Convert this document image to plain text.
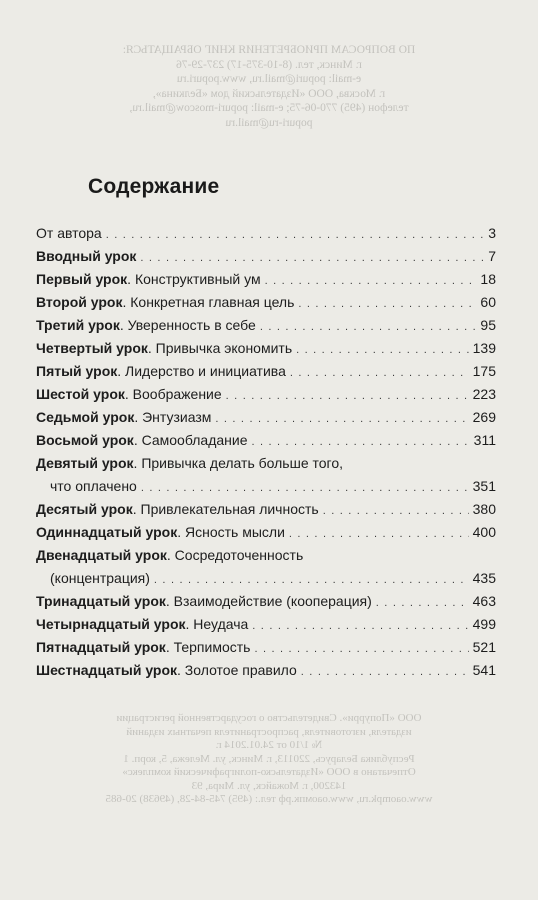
ПО ВОПРОСАМ ПРИОБРЕТЕНИЯ КНИГ ОБРАЩАТЬСЯ:
г. Минск, тел. (8-10-375-17) 237-29-76
e-mail: popuri@mail.ru, www.popuri.ru
г. Москва, ООО «Издательский дом «Белкина»,
телефон (495) 770-06-75; e-mail: popuri-moscow@mail.ru,
popuri-ru@mail.ru
ООО «Попурри». Свидетельство о государственной регистрации
издателя, изготовителя, распространителя печатных изданий
№ 1/10 от 24.01.2014 г.
Республика Беларусь, 220113, г. Минск, ул. Мележа, 5, корп. 1
Отпечатано в ООО «Издательско-полиграфический комплекс»
143200, г. Можайск, ул. Мира, 93
www.oaompk.ru, www.оаомпк.рф тел.: (495) 745-84-28, (49638) 20-685
Содержание
От автора . . .	3
Вводный урок . . .	7
Первый урок . Конструктивный ум . . .	18
Второй урок . Конкретная главная цель . . .	60
Третий урок . Уверенность в себе . . .	95
Четвертый урок . Привычка экономить . . .	139
Пятый урок . Лидерство и инициатива . . .	175
Шестой урок . Воображение . . .	223
Седьмой урок . Энтузиазм . . .	269
Восьмой урок . Самообладание . . .	311
Девятый урок . Привычка делать больше того,
что оплачено . . .	351
Десятый урок . Привлекательная личность . . .	380
Одиннадцатый урок . Ясность мысли . . .	400
Двенадцатый урок . Сосредоточенность
(концентрация) . . .	435
Тринадцатый урок . Взаимодействие (кооперация) . . .	463
Четырнадцатый урок . Неудача . . .	499
Пятнадцатый урок . Терпимость . . .	521
Шестнадцатый урок . Золотое правило . . .	541
